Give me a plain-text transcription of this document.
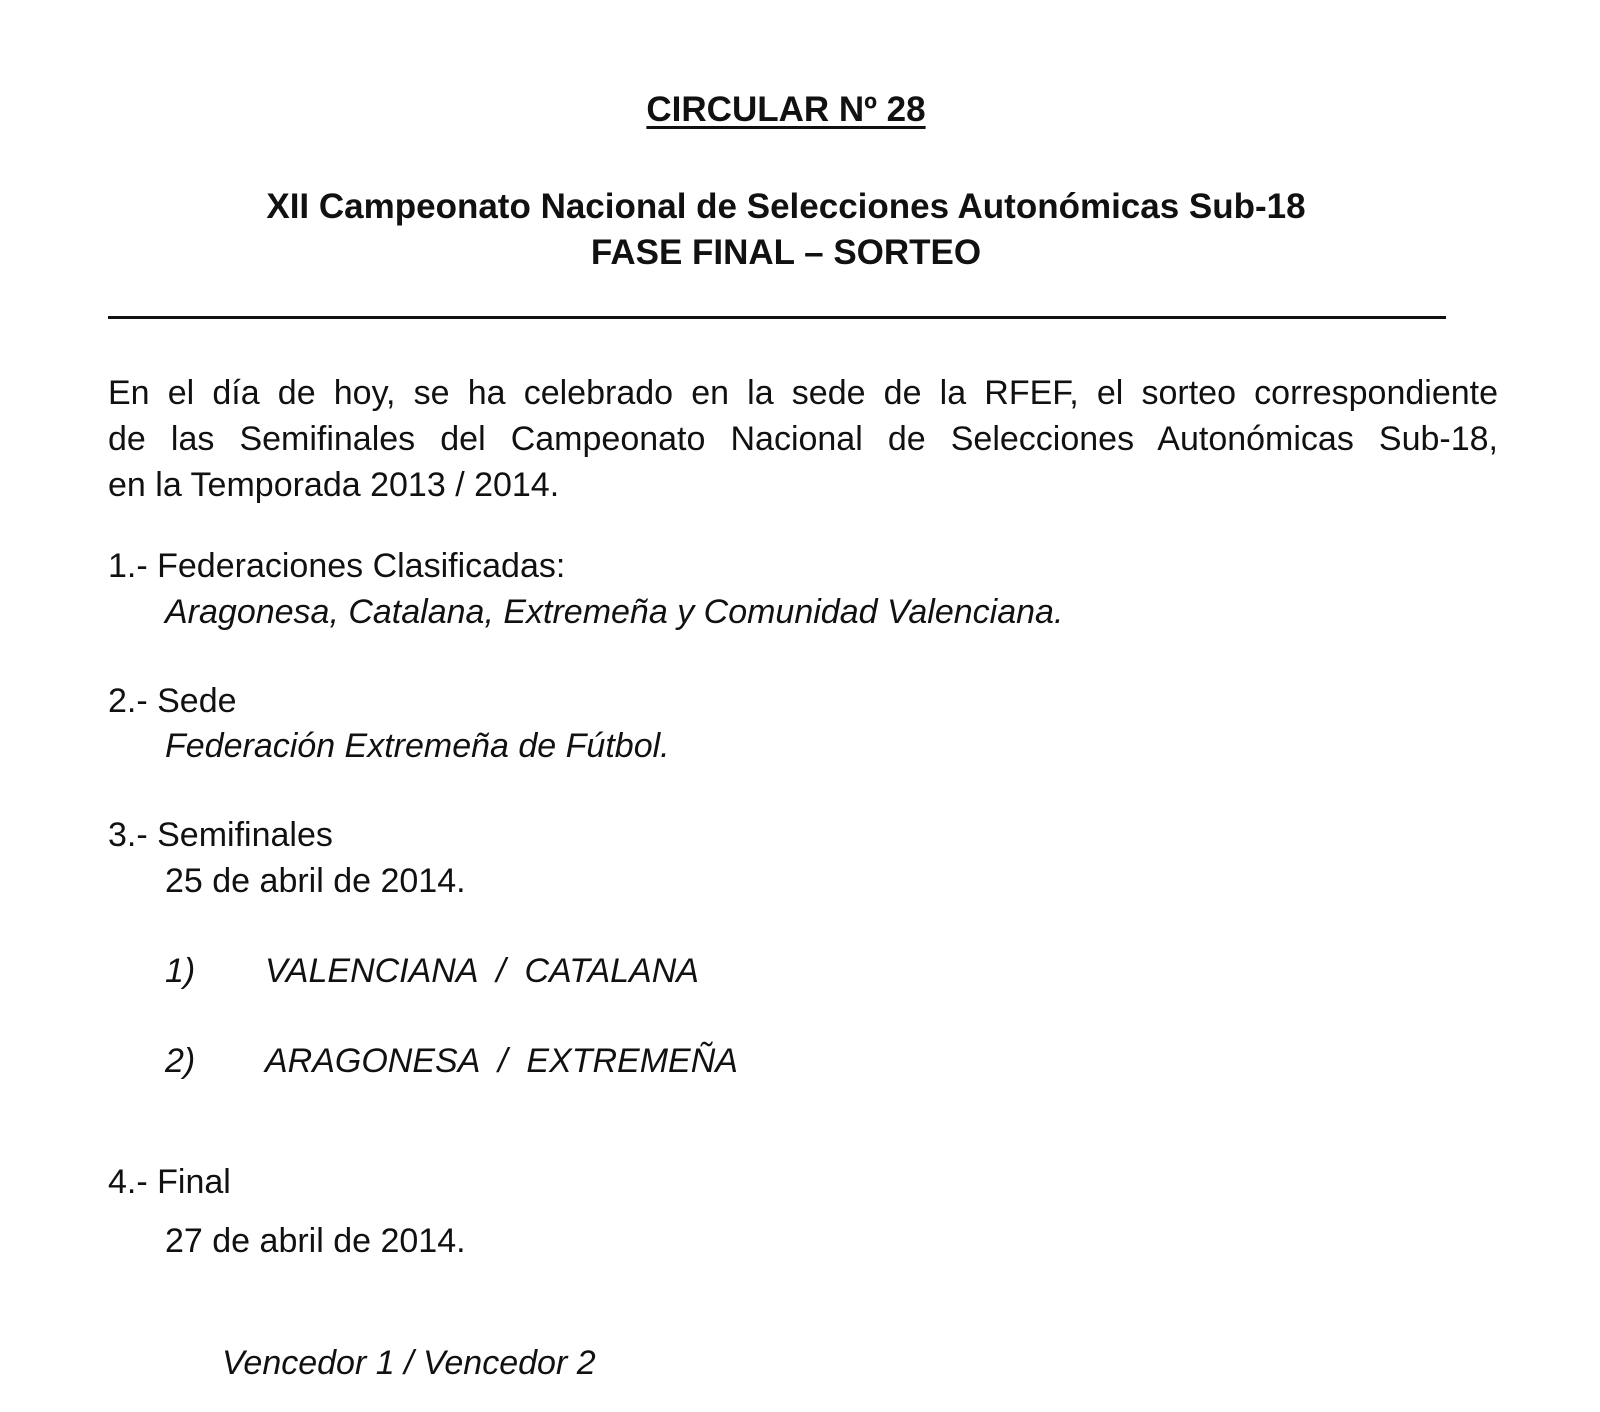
CIRCULAR Nº 28
XII Campeonato Nacional de Selecciones Autonómicas Sub-18
FASE FINAL – SORTEO
En el día de hoy, se ha celebrado en la sede de la RFEF, el sorteo correspondiente
de las Semifinales del Campeonato Nacional de Selecciones Autonómicas Sub-18,
en la Temporada 2013 / 2014.
1.- Federaciones Clasificadas:
Aragonesa, Catalana, Extremeña y Comunidad Valenciana.
2.- Sede
Federación Extremeña de Fútbol.
3.- Semifinales
25 de abril de 2014.
1) VALENCIANA  /  CATALANA
2) ARAGONESA  /  EXTREMEÑA
4.- Final
27 de abril de 2014.
Vencedor 1 / Vencedor 2
